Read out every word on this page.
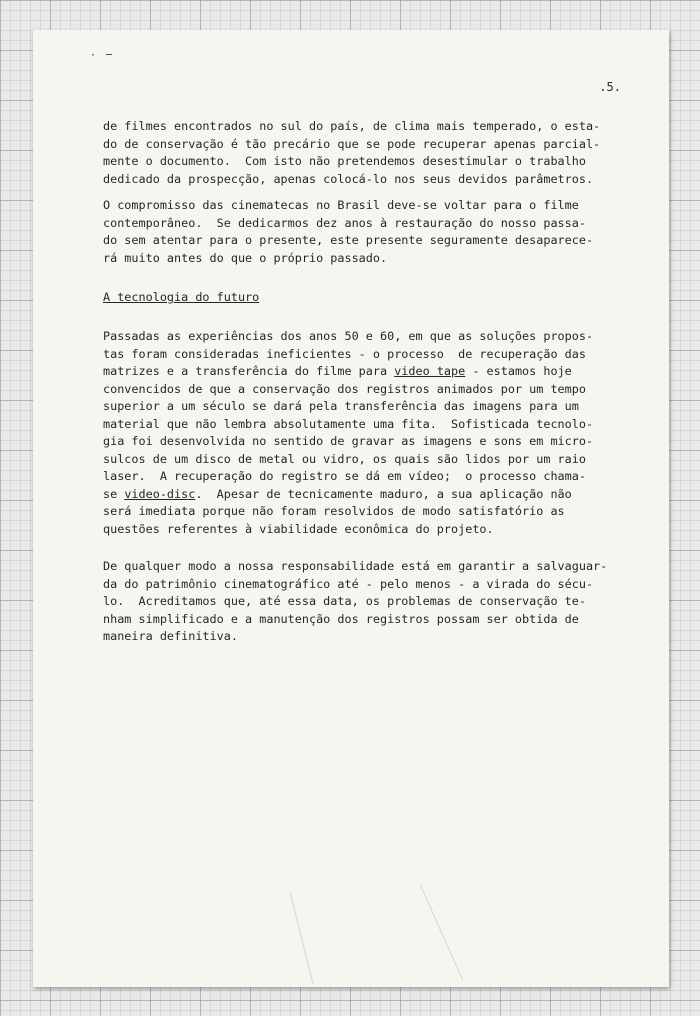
· ─
.5.
de filmes encontrados no sul do país, de clima mais temperado, o esta-
do de conservação é tão precário que se pode recuperar apenas parcial-
mente o documento.  Com isto não pretendemos desestimular o trabalho
dedicado da prospecção, apenas colocá-lo nos seus devidos parâmetros.
O compromisso das cinematecas no Brasil deve-se voltar para o filme
contemporâneo.  Se dedicarmos dez anos à restauração do nosso passa-
do sem atentar para o presente, este presente seguramente desaparece-
rá muito antes do que o próprio passado.
A tecnologia do futuro
Passadas as experiências dos anos 50 e 60, em que as soluções propos-
tas foram consideradas ineficientes - o processo  de recuperação das
matrizes e a transferência do filme para video tape - estamos hoje
convencidos de que a conservação dos registros animados por um tempo
superior a um século se dará pela transferência das imagens para um
material que não lembra absolutamente uma fita.  Sofisticada tecnolo-
gia foi desenvolvida no sentido de gravar as imagens e sons em micro-
sulcos de um disco de metal ou vidro, os quais são lidos por um raio
laser.  A recuperação do registro se dá em vídeo;  o processo chama-
se video-disc.  Apesar de tecnicamente maduro, a sua aplicação não
será imediata porque não foram resolvidos de modo satisfatório as
questões referentes à viabilidade econômica do projeto.
De qualquer modo a nossa responsabilidade está em garantir a salvaguar-
da do patrimônio cinematográfico até - pelo menos - a virada do sécu-
lo.  Acreditamos que, até essa data, os problemas de conservação te-
nham simplificado e a manutenção dos registros possam ser obtida de
maneira definitiva.
